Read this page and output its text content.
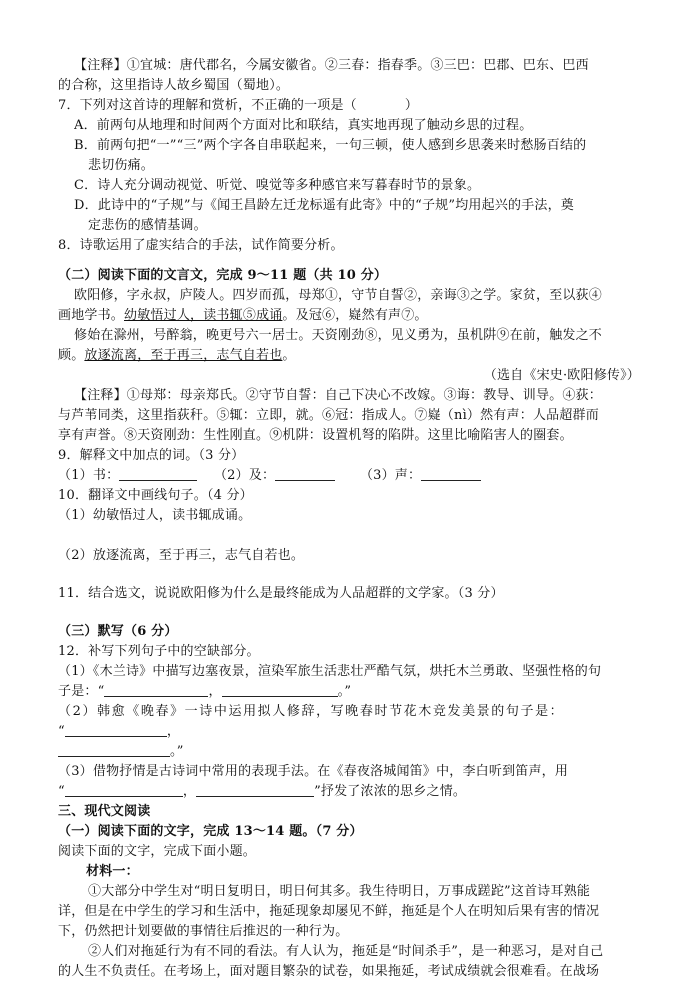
【注释】①宜城：唐代郡名，今属安徽省。②三春：指春季。③三巴：巴郡、巴东、巴西
的合称，这里指诗人故乡蜀国（蜀地）。
7．下列对这首诗的理解和赏析，不正确的一项是（	）
A．前两句从地理和时间两个方面对比和联结，真实地再现了触动乡思的过程。
B．前两句把“一”“三”两个字各自串联起来，一句三顿，使人感到乡思袭来时愁肠百结的
悲切伤痛。
C．诗人充分调动视觉、听觉、嗅觉等多种感官来写暮春时节的景象。
D．此诗中的“子规”与《闻王昌龄左迁龙标遥有此寄》中的“子规”均用起兴的手法，奠
定悲伤的感情基调。
8．诗歌运用了虚实结合的手法，试作简要分析。
（二）阅读下面的文言文，完成 9～11 题（共 10 分）
欧阳修，字永叔，庐陵人。四岁而孤，母郑①，守节自誓②，亲诲③之学。家贫，至以荻④
画地学书。幼敏悟过人，读书辄⑤成诵。及冠⑥，嶷然有声⑦。
修始在滁州，号醉翁，晚更号六一居士。天资刚劲⑧，见义勇为，虽机阱⑨在前，触发之不
顾。放逐流离，至于再三，志气自若也。
（选自《宋史·欧阳修传》）
【注释】①母郑：母亲郑氏。②守节自誓：自己下决心不改嫁。③诲：教导、训导。④荻：
与芦苇同类，这里指荻秆。⑤辄：立即，就。⑥冠：指成人。⑦嶷（nì）然有声：人品超群而
享有声誉。⑧天资刚劲：生性刚直。⑨机阱：设置机弩的陷阱。这里比喻陷害人的圈套。
9．解释文中加点的词。（3 分）
（1）书：	（2）及：	（3）声：
10．翻译文中画线句子。（4 分）
（1）幼敏悟过人，读书辄成诵。
（2）放逐流离，至于再三，志气自若也。
11．结合选文，说说欧阳修为什么是最终能成为人品超群的文学家。（3 分）
（三）默写（6 分）
12．补写下列句子中的空缺部分。
（1）《木兰诗》中描写边塞夜景，渲染军旅生活悲壮严酷气氛，烘托木兰勇敢、坚强性格的句
子是：“	，	。”
（2）韩愈《晚春》一诗中运用拟人修辞，写晚春时节花木竞发美景的句子是：
“	，
。”
（3）借物抒情是古诗词中常用的表现手法。在《春夜洛城闻笛》中，李白听到笛声，用
“	，	”抒发了浓浓的思乡之情。
三、现代文阅读
（一）阅读下面的文字，完成 13～14 题。（7 分）
阅读下面的文字，完成下面小题。
材料一：
①大部分中学生对“明日复明日，明日何其多。我生待明日，万事成蹉跎”这首诗耳熟能
详，但是在中学生的学习和生活中，拖延现象却屡见不鲜，拖延是个人在明知后果有害的情况
下，仍然把计划要做的事情往后推迟的一种行为。
②人们对拖延行为有不同的看法。有人认为，拖延是“时间杀手”，是一种恶习，是对自己
的人生不负责任。在考场上，面对题目繁杂的试卷，如果拖延，考试成绩就会很难看。在战场
